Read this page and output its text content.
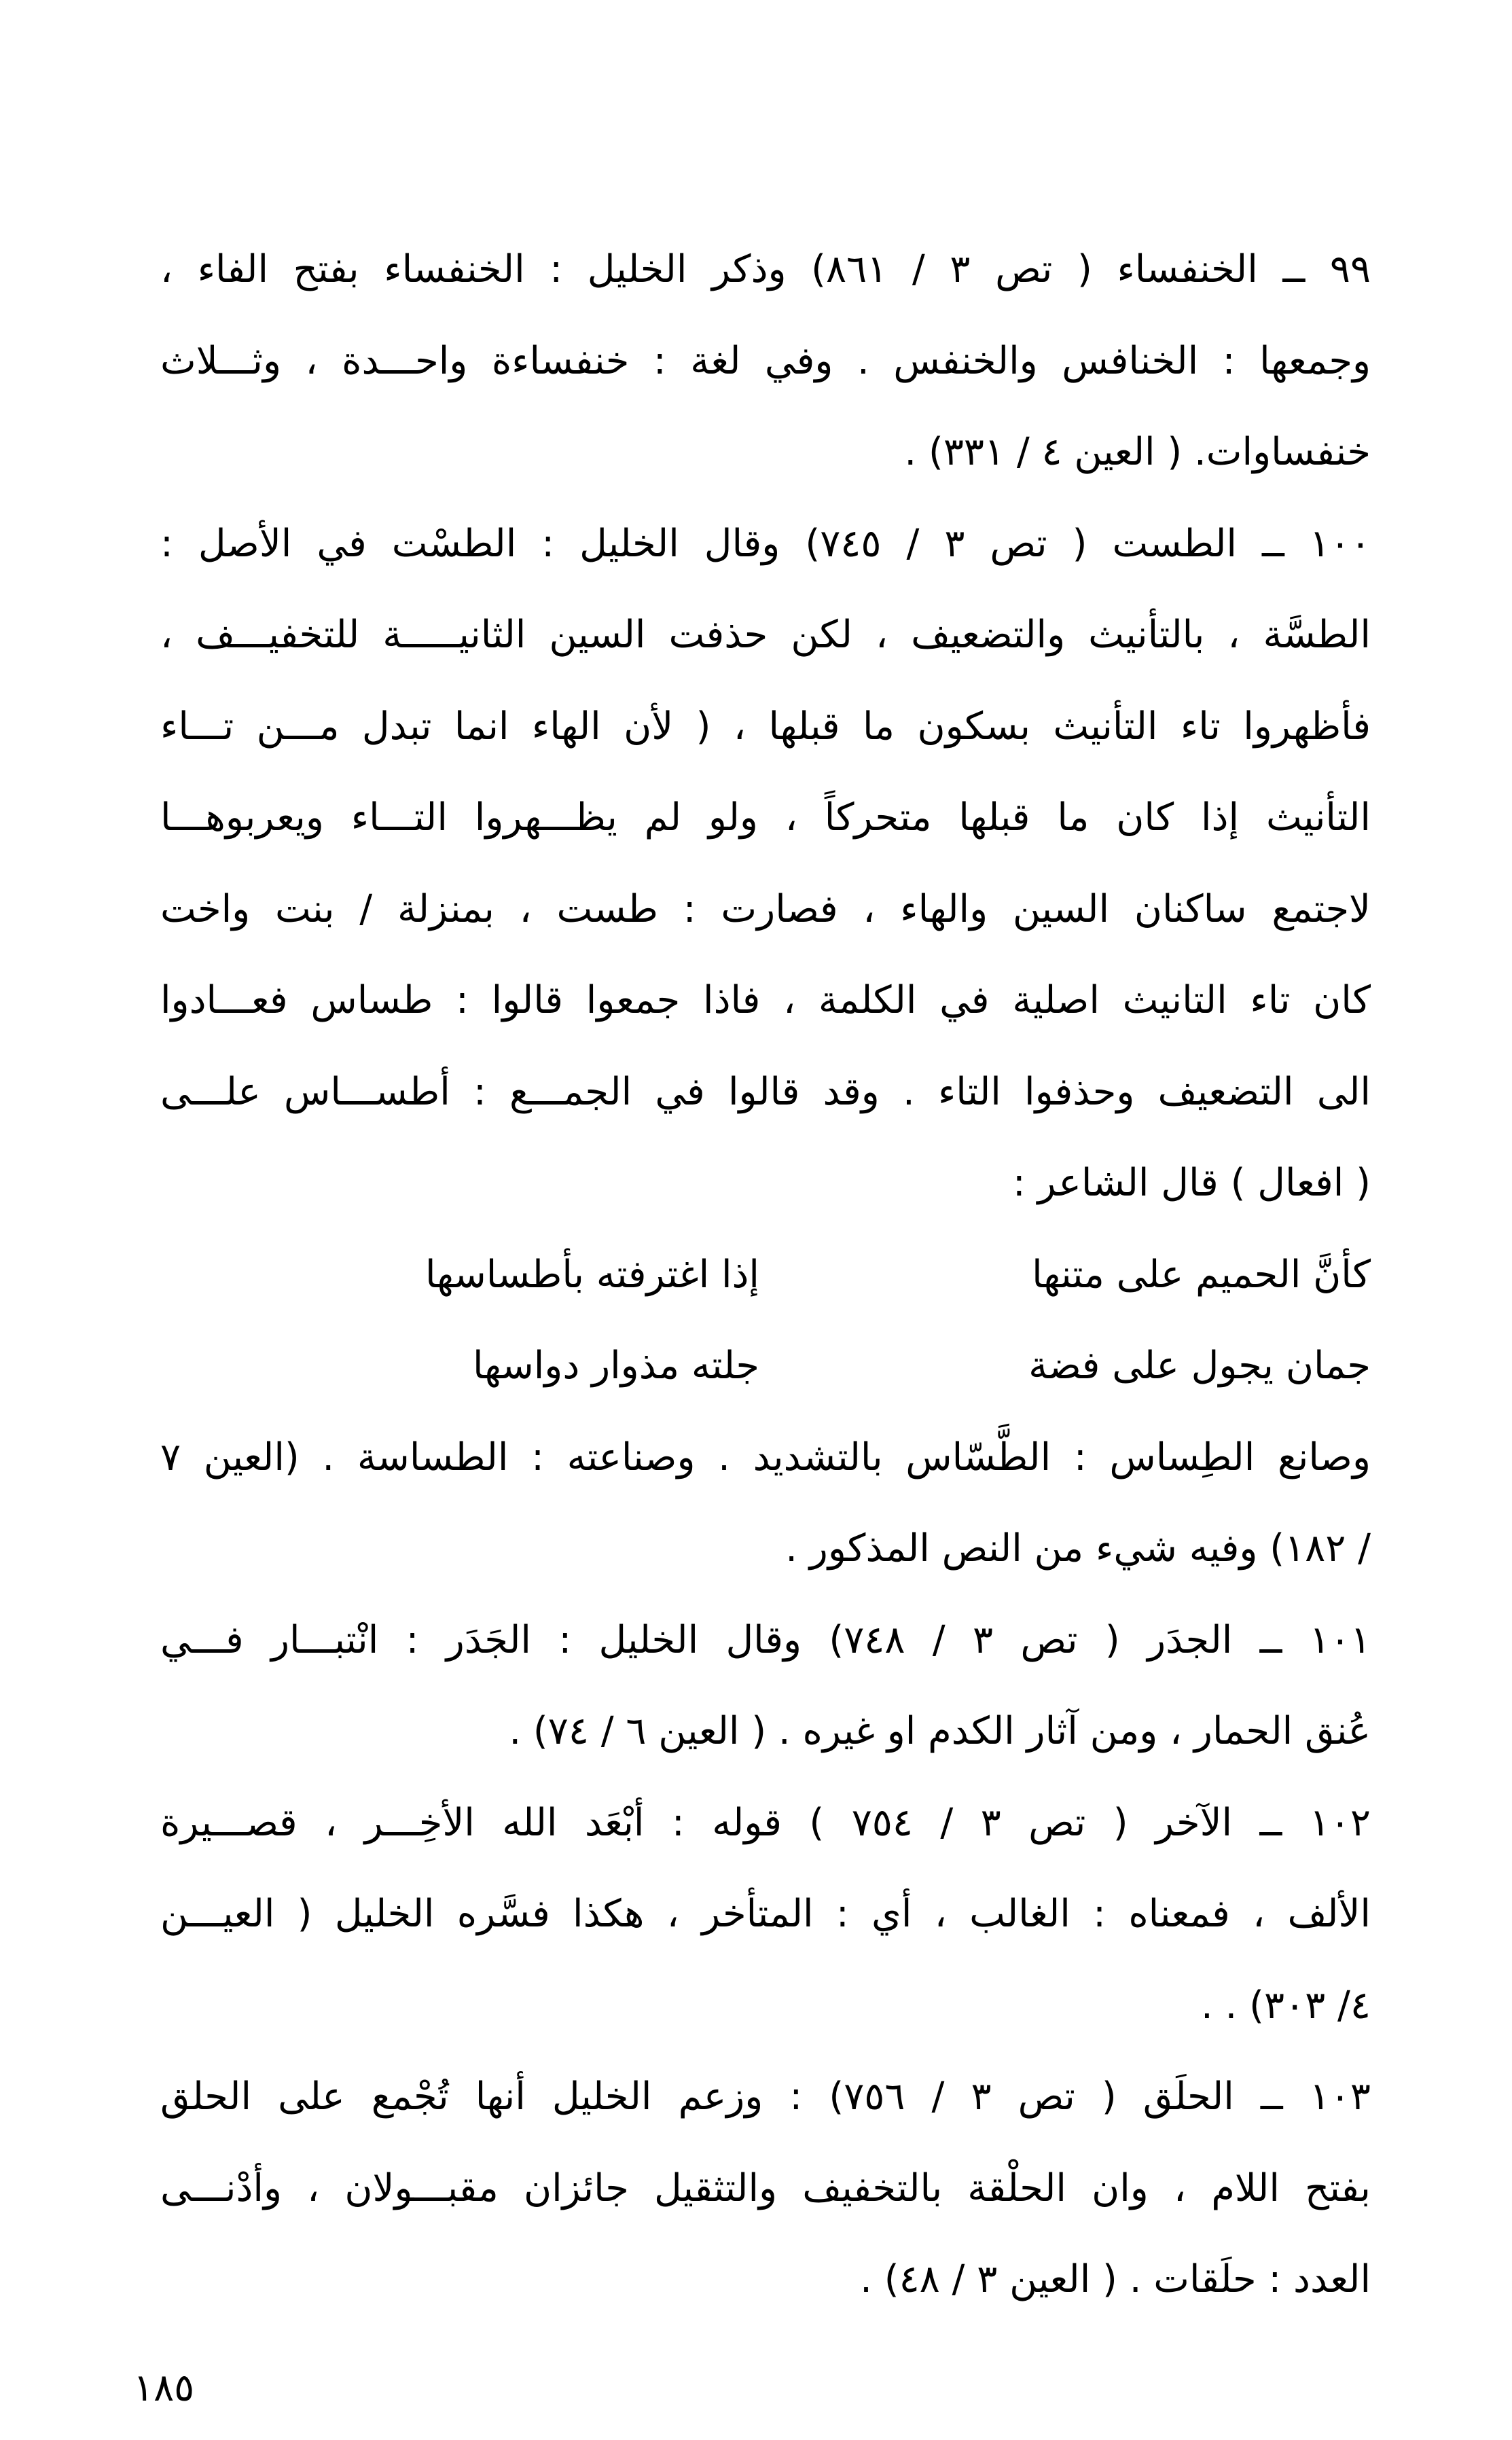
٩٩ ــ الخنفساء ( تص ٣ / ٨٦١) وذكر الخليل : الخنفساء بفتح الفاء ،
وجمعها : الخنافس والخنفس . وفي لغة : خنفساءة واحـــدة ، وثـــلاث
خنفساوات. ( العين ٤ / ٣٣١) .
١٠٠ ــ الطست ( تص ٣ / ٧٤٥) وقال الخليل : الطسْت في الأصل :
الطسَّة ، بالتأنيث والتضعيف ، لكن حذفت السين الثانيـــــة للتخفيـــف ،
فأظهروا تاء التأنيث بسكون ما قبلها ، ( لأن الهاء انما تبدل مـــن تـــاء
التأنيث إذا كان ما قبلها متحركاً ، ولو لم يظـــهروا التـــاء ويعربوهـــا
لاجتمع ساكنان السين والهاء ، فصارت : طست ، بمنزلة / بنت واخت
كان تاء التانيث اصلية في الكلمة ، فاذا جمعوا قالوا : طساس فعـــادوا
الى التضعيف وحذفوا التاء . وقد قالوا في الجمـــع : أطســـاس علـــى
( افعال ) قال الشاعر :
كأنَّ الحميم على متنها
إذا اغترفته بأطساسها
جمان يجول على فضة
جلته مذوار دواسها
وصانع الطِساس : الطَّسّاس بالتشديد . وصناعته : الطساسة . (العين ٧
/ ١٨٢) وفيه شيء من النص المذكور .
١٠١ ــ الجدَر ( تص ٣ / ٧٤٨) وقال الخليل : الجَدَر : انْتبـــار فـــي
عُنق الحمار ، ومن آثار الكدم او غيره . ( العين ٦ / ٧٤) .
١٠٢ ــ الآخر ( تص ٣ / ٧٥٤ ) قوله : أبْعَد الله الأخِـــر ، قصـــيرة
الألف ، فمعناه : الغالب ، أي : المتأخر ، هكذا فسَّره الخليل ( العيـــن
٤/ ٣٠٣) . .
١٠٣ ــ الحلَق ( تص ٣ / ٧٥٦) : وزعم الخليل أنها تُجْمع على الحلق
بفتح اللام ، وان الحلْقة بالتخفيف والتثقيل جائزان مقبـــولان ، وأدْنـــى
العدد : حلَقات . ( العين ٣ / ٤٨) .
١٨٥
